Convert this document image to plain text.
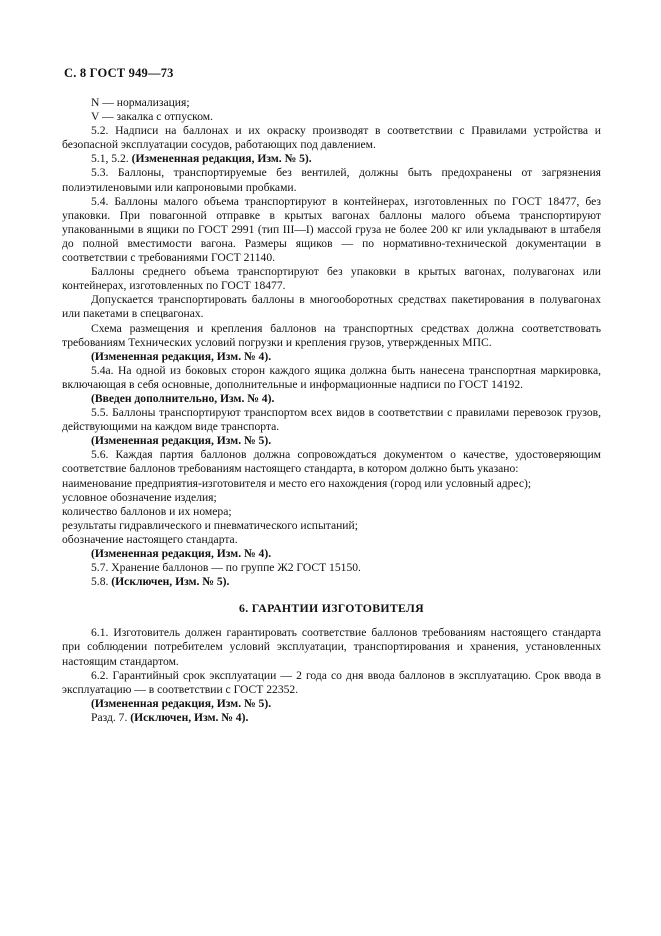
С. 8 ГОСТ 949—73

N — нормализация;

V — закалка с отпуском.

5.2. Надписи на баллонах и их окраску производят в соответствии с Правилами устройства и безопасной эксплуатации сосудов, работающих под давлением.

5.1, 5.2. (Измененная редакция, Изм. № 5).

5.3. Баллоны, транспортируемые без вентилей, должны быть предохранены от загрязнения полиэтиленовыми или капроновыми пробками.

5.4. Баллоны малого объема транспортируют в контейнерах, изготовленных по ГОСТ 18477, без упаковки. При повагонной отправке в крытых вагонах баллоны малого объема транспортируют упакованными в ящики по ГОСТ 2991 (тип III—I) массой груза не более 200 кг или укладывают в штабеля до полной вместимости вагона. Размеры ящиков — по нормативно-технической документации в соответствии с требованиями ГОСТ 21140.

Баллоны среднего объема транспортируют без упаковки в крытых вагонах, полувагонах или контейнерах, изготовленных по ГОСТ 18477.

Допускается транспортировать баллоны в многооборотных средствах пакетирования в полувагонах или пакетами в спецвагонах.

Схема размещения и крепления баллонов на транспортных средствах должна соответствовать требованиям Технических условий погрузки и крепления грузов, утвержденных МПС.

(Измененная редакция, Изм. № 4).

5.4а. На одной из боковых сторон каждого ящика должна быть нанесена транспортная маркировка, включающая в себя основные, дополнительные и информационные надписи по ГОСТ 14192.

(Введен дополнительно, Изм. № 4).

5.5. Баллоны транспортируют транспортом всех видов в соответствии с правилами перевозок грузов, действующими на каждом виде транспорта.

(Измененная редакция, Изм. № 5).

5.6. Каждая партия баллонов должна сопровождаться документом о качестве, удостоверяющим соответствие баллонов требованиям настоящего стандарта, в котором должно быть указано:

наименование предприятия-изготовителя и место его нахождения (город или условный адрес);

условное обозначение изделия;

количество баллонов и их номера;

результаты гидравлического и пневматического испытаний;

обозначение настоящего стандарта.

(Измененная редакция, Изм. № 4).

5.7. Хранение баллонов — по группе Ж2 ГОСТ 15150.

5.8. (Исключен, Изм. № 5).

6. ГАРАНТИИ ИЗГОТОВИТЕЛЯ

6.1. Изготовитель должен гарантировать соответствие баллонов требованиям настоящего стандарта при соблюдении потребителем условий эксплуатации, транспортирования и хранения, установленных настоящим стандартом.

6.2. Гарантийный срок эксплуатации — 2 года со дня ввода баллонов в эксплуатацию. Срок ввода в эксплуатацию — в соответствии с ГОСТ 22352.

(Измененная редакция, Изм. № 5).

Разд. 7. (Исключен, Изм. № 4).
